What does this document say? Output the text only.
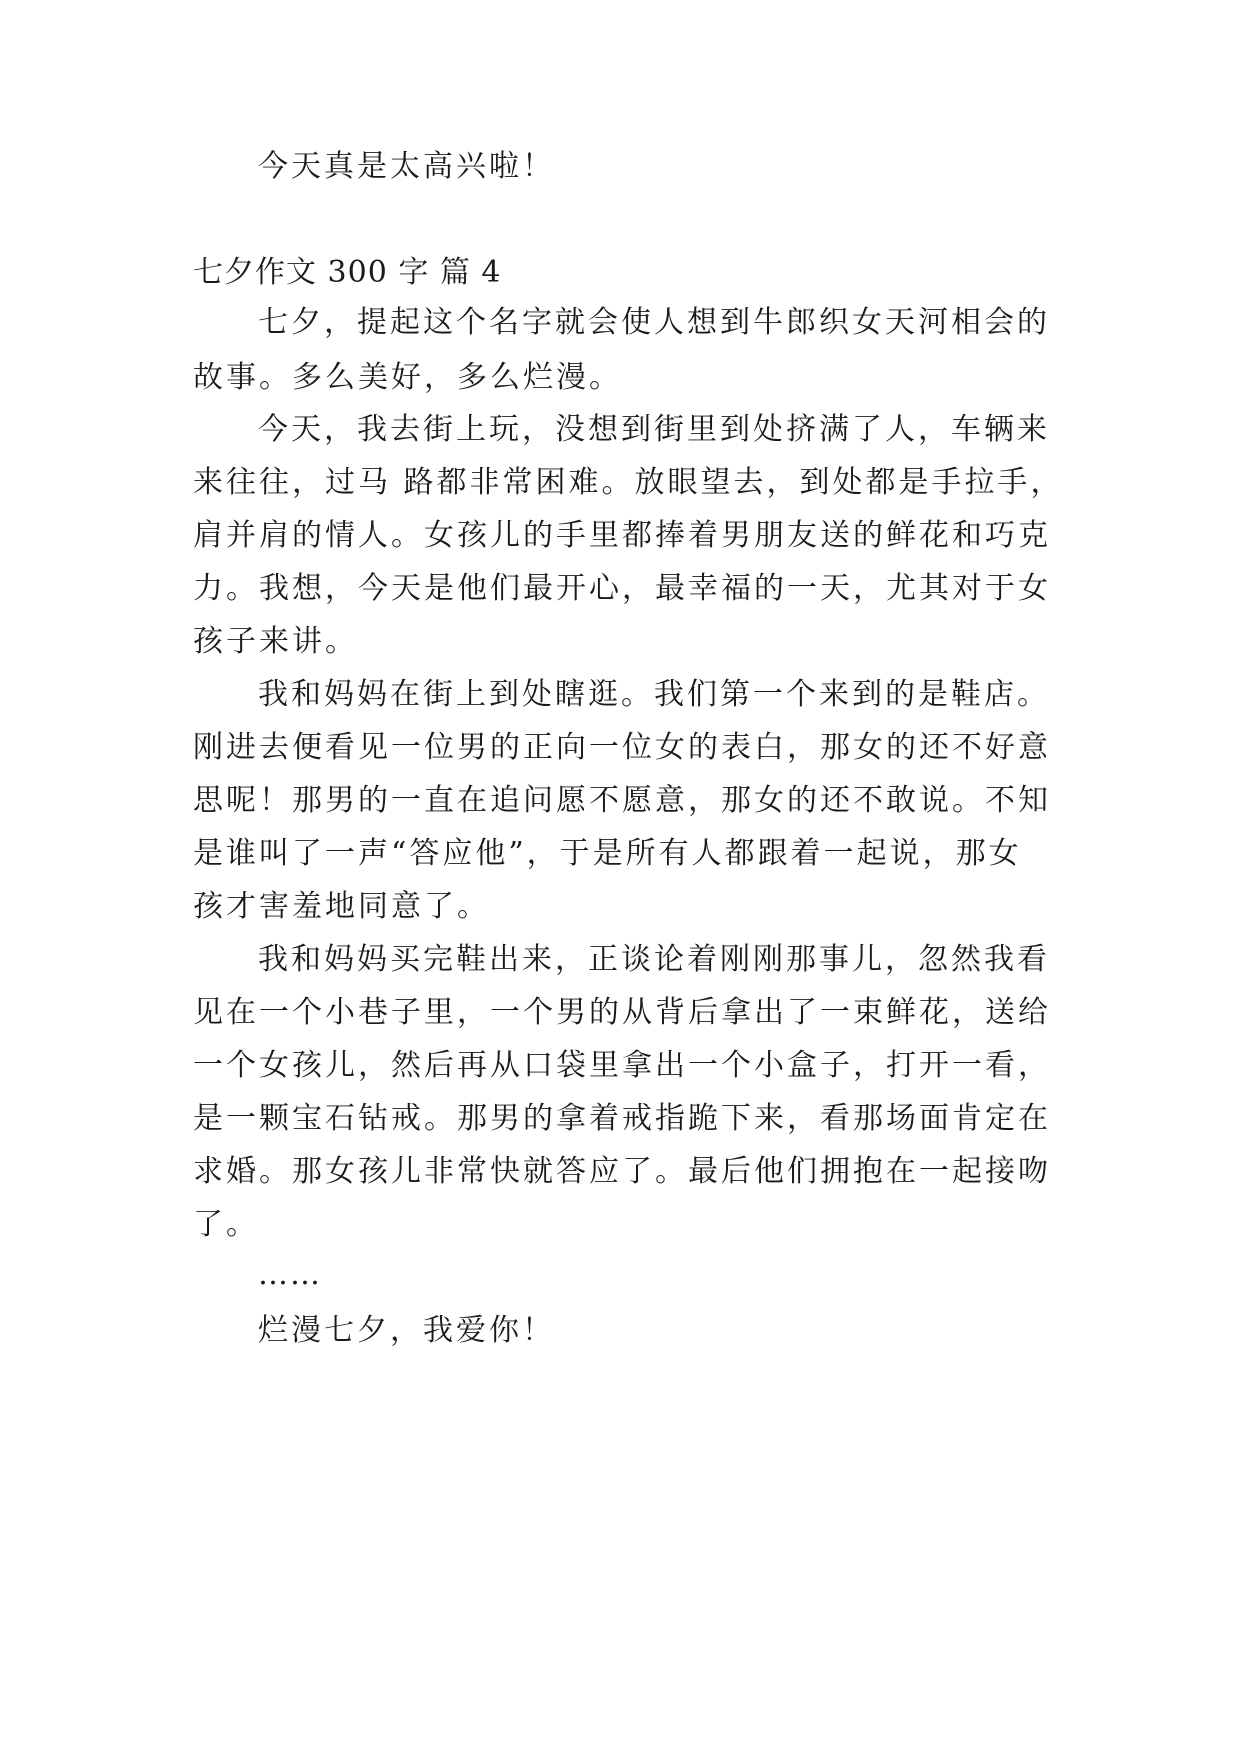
今天真是太高兴啦！

七夕作文 300 字 篇 4

七夕，提起这个名字就会使人想到牛郎织女天河相会的

故事。多么美好，多么烂漫。

今天，我去街上玩，没想到街里到处挤满了人，车辆来

来往往，过马 路都非常困难。放眼望去，到处都是手拉手，

肩并肩的情人。女孩儿的手里都捧着男朋友送的鲜花和巧克

力。我想，今天是他们最开心，最幸福的一天，尤其对于女

孩子来讲。

我和妈妈在街上到处瞎逛。我们第一个来到的是鞋店。

刚进去便看见一位男的正向一位女的表白，那女的还不好意

思呢！那男的一直在追问愿不愿意，那女的还不敢说。不知

是谁叫了一声“答应他”，于是所有人都跟着一起说，那女

孩才害羞地同意了。

我和妈妈买完鞋出来，正谈论着刚刚那事儿，忽然我看

见在一个小巷子里，一个男的从背后拿出了一束鲜花，送给

一个女孩儿，然后再从口袋里拿出一个小盒子，打开一看，

是一颗宝石钻戒。那男的拿着戒指跪下来，看那场面肯定在

求婚。那女孩儿非常快就答应了。最后他们拥抱在一起接吻

了。

……

烂漫七夕，我爱你！
